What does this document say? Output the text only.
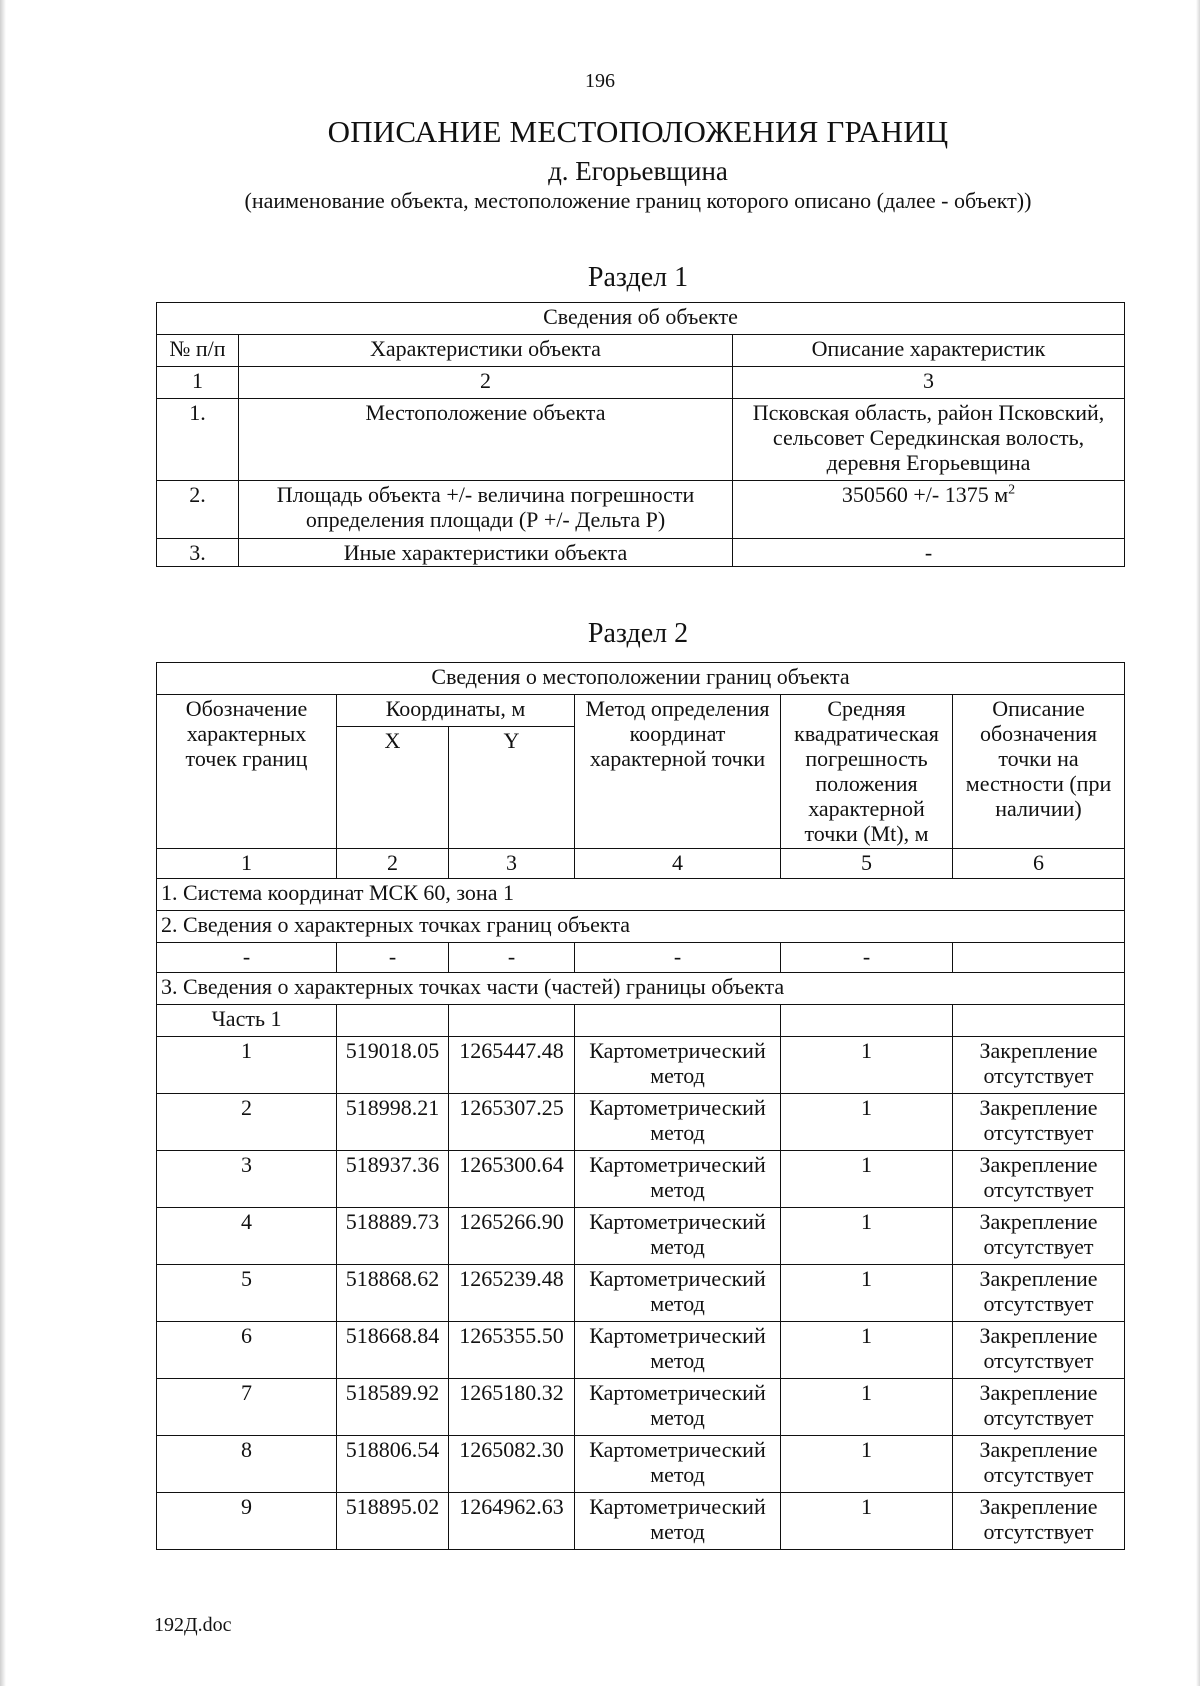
196
ОПИСАНИЕ МЕСТОПОЛОЖЕНИЯ ГРАНИЦ
д. Егорьевщина
(наименование объекта, местоположение границ которого описано (далее - объект))
Раздел 1
Сведения об объекте		
№ п/п	Характеристики объекта	Описание характеристик
1	2	3
1.	Местоположение объекта	Псковская область, район Псковский, сельсовет Середкинская волость, деревня Егорьевщина
2.	Площадь объекта +/- величина погрешности определения площади (Р +/- Дельта Р)	350560 +/- 1375 $м^2$
3.	Иные характеристики объекта	-
Раздел 2
Сведения о местоположении границ объекта					
Обозначение характерных точек границ	Координаты, м		Метод определения координат характерной точки	Средняя квадратическая погрешность положения характерной точки (Мt), м	Описание обозначения точки на местности (при наличии)
	X	Y			
1	2	3	4	5	6
1. Система координат МСК 60, зона 1					
2. Сведения о характерных точках границ объекта					
-	-	-	-	-	
3. Сведения о характерных точках части (частей) границы объекта					
Часть 1					
1	519018.05	1265447.48	Картометрический метод	1	Закрепление отсутствует
2	518998.21	1265307.25	Картометрический метод	1	Закрепление отсутствует
3	518937.36	1265300.64	Картометрический метод	1	Закрепление отсутствует
4	518889.73	1265266.90	Картометрический метод	1	Закрепление отсутствует
5	518868.62	1265239.48	Картометрический метод	1	Закрепление отсутствует
6	518668.84	1265355.50	Картометрический метод	1	Закрепление отсутствует
7	518589.92	1265180.32	Картометрический метод	1	Закрепление отсутствует
8	518806.54	1265082.30	Картометрический метод	1	Закрепление отсутствует
9	518895.02	1264962.63	Картометрический метод	1	Закрепление отсутствует
192Д.doc
